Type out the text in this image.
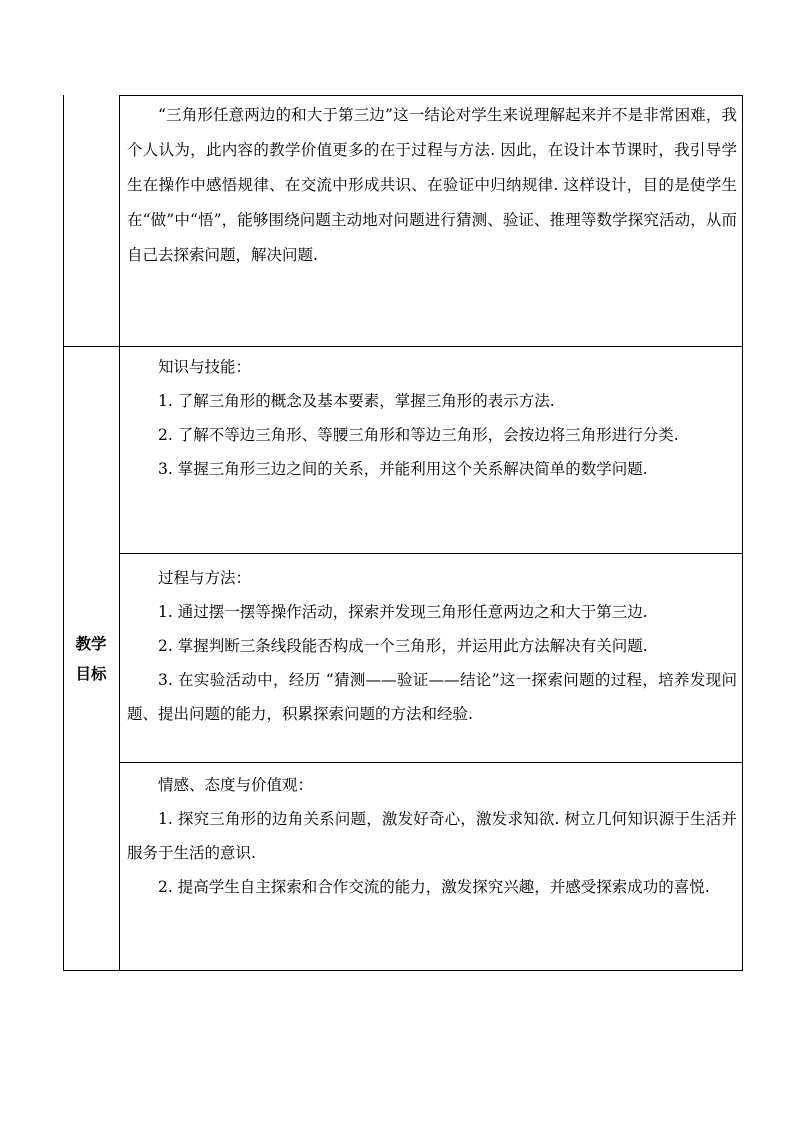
“三角形任意两边的和大于第三边”这一结论对学生来说理解起来并不是非常困难，我个人认为，此内容的教学价值更多的在于过程与方法. 因此，在设计本节课时，我引导学生在操作中感悟规律、在交流中形成共识、在验证中归纳规律. 这样设计，目的是使学生在“做”中“悟”，能够围绕问题主动地对问题进行猜测、验证、推理等数学探究活动，从而自己去探索问题，解决问题.

教学
目标

知识与技能：

1. 了解三角形的概念及基本要素，掌握三角形的表示方法.

2. 了解不等边三角形、等腰三角形和等边三角形，会按边将三角形进行分类.

3. 掌握三角形三边之间的关系，并能利用这个关系解决简单的数学问题.

过程与方法：

1. 通过摆一摆等操作活动，探索并发现三角形任意两边之和大于第三边.

2. 掌握判断三条线段能否构成一个三角形，并运用此方法解决有关问题.

3. 在实验活动中，经历 “猜测——验证——结论”这一探索问题的过程，培养发现问题、提出问题的能力，积累探索问题的方法和经验.

情感、态度与价值观：

1. 探究三角形的边角关系问题，激发好奇心，激发求知欲. 树立几何知识源于生活并服务于生活的意识.

2. 提高学生自主探索和合作交流的能力，激发探究兴趣，并感受探索成功的喜悦.
